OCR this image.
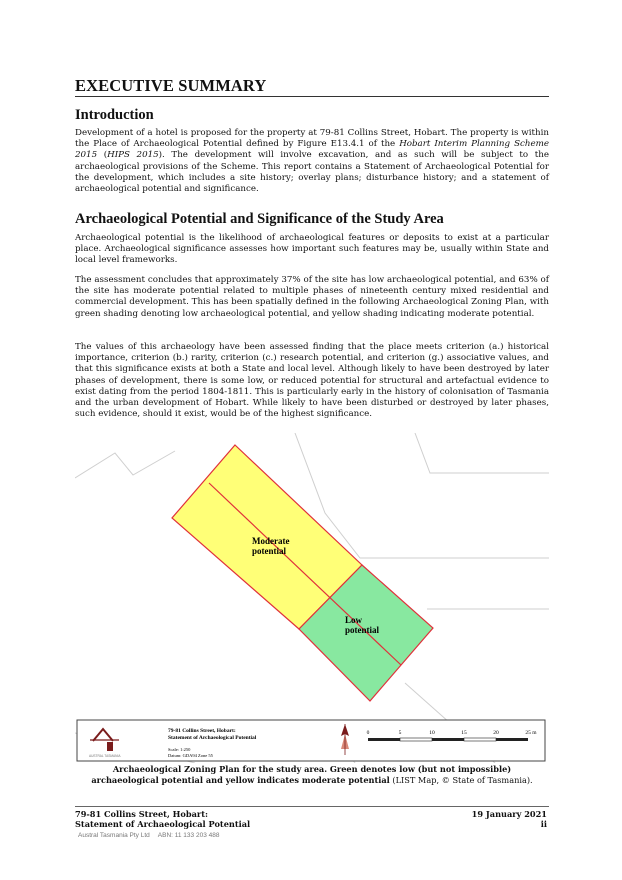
EXECUTIVE SUMMARY
Introduction
Development of a hotel is proposed for the property at 79-81 Collins Street, Hobart. The property is within the Place of Archaeological Potential defined by Figure E13.4.1 of the Hobart Interim Planning Scheme 2015 (HIPS 2015). The development will involve excavation, and as such will be subject to the archaeological provisions of the Scheme. This report contains a Statement of Archaeological Potential for the development, which includes a site history; overlay plans; disturbance history; and a statement of archaeological potential and significance.
Archaeological Potential and Significance of the Study Area
Archaeological potential is the likelihood of archaeological features or deposits to exist at a particular place. Archaeological significance assesses how important such features may be, usually within State and local level frameworks.
The assessment concludes that approximately 37% of the site has low archaeological potential, and 63% of the site has moderate potential related to multiple phases of nineteenth century mixed residential and commercial development. This has been spatially defined in the following Archaeological Zoning Plan, with green shading denoting low archaeological potential, and yellow shading indicating moderate potential.
The values of this archaeology have been assessed finding that the place meets criterion (a.) historical importance, criterion (b.) rarity, criterion (c.) research potential, and criterion (g.) associative values, and that this significance exists at both a State and local level. Although likely to have been destroyed by later phases of development, there is some low, or reduced potential for structural and artefactual evidence to exist dating from the period 1804-1811. This is particularly early in the history of colonisation of Tasmania and the urban development of Hobart. While likely to have been disturbed or destroyed by later phases, such evidence, should it exist, would be of the highest significance.
Moderate
potential
Low
potential
AUSTRAL TASMANIA
79-81 Collins Street, Hobart:
Statement of Archaeological Potential
Scale: 1:250
Datum: GDA94 Zone 55
0	5	10	15	20	25 m
Archaeological Zoning Plan for the study area. Green denotes low (but not impossible) archaeological potential and yellow indicates moderate potential (LIST Map, © State of Tasmania).
79-81 Collins Street, Hobart:
Statement of Archaeological Potential
19 January 2021
ii
Austral Tasmania Pty Ltd ABN: 11 133 203 488
